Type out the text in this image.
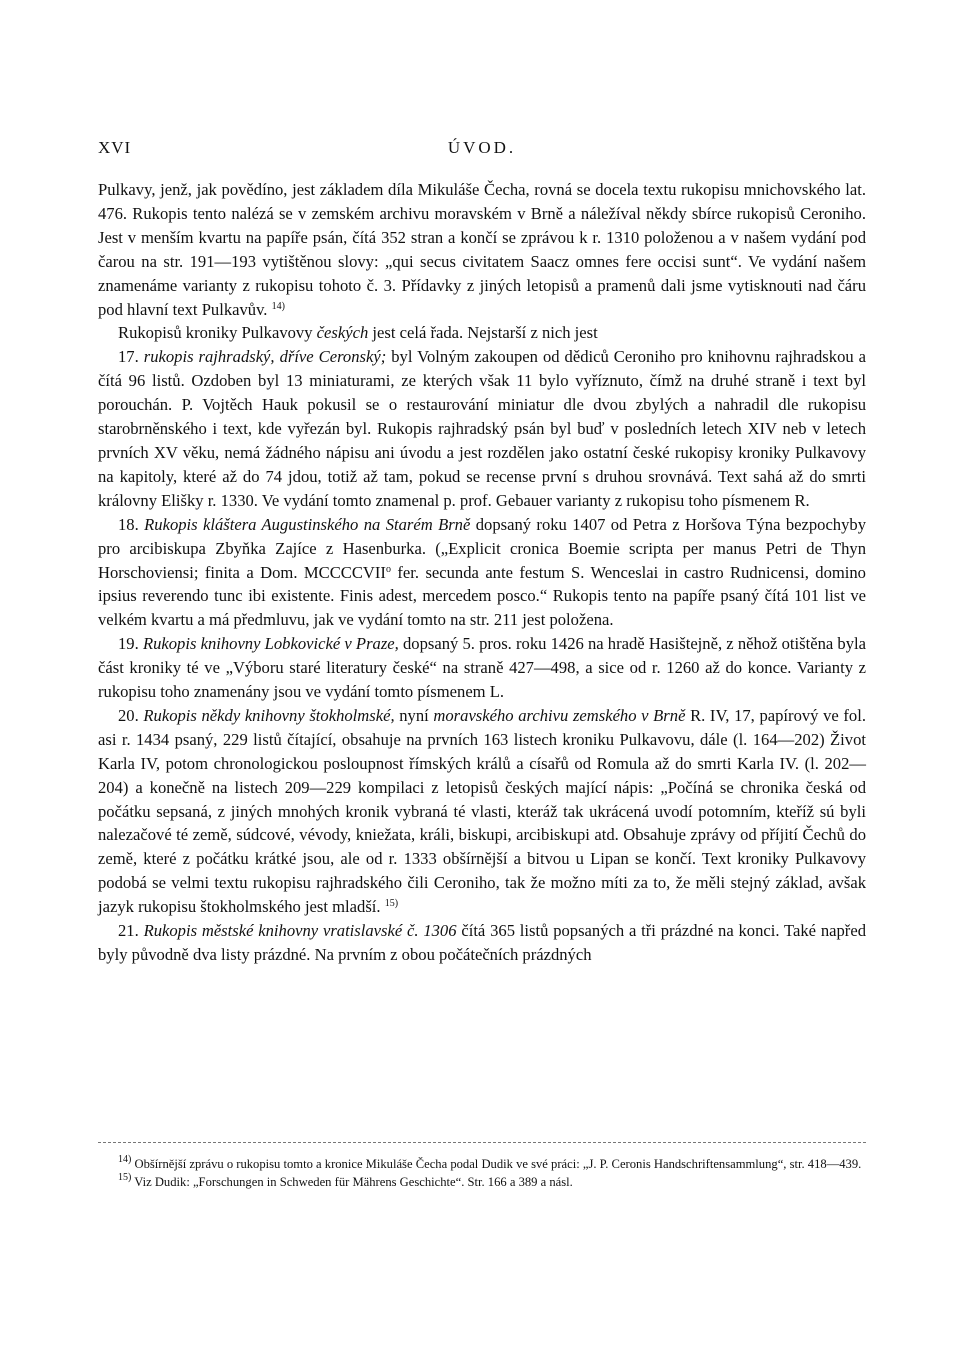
XVI	ÚVOD.

Pulkavy, jenž, jak povědíno, jest základem díla Mikuláše Čecha, rovná se docela textu rukopisu mnichovského lat. 476. Rukopis tento nalézá se v zemském archivu moravském v Brně a náležíval někdy sbírce rukopisů Ceroniho. Jest v menším kvartu na papíře psán, čítá 352 stran a končí se zprávou k r. 1310 položenou a v našem vydání pod čarou na str. 191—193 vytištěnou slovy: „qui secus civitatem Saacz omnes fere occisi sunt“. Ve vydání našem znamenáme varianty z rukopisu tohoto č. 3. Přídavky z jiných letopisů a pramenů dali jsme vytisknouti nad čáru pod hlavní text Pulkavův. $^{14)}$

Rukopisů kroniky Pulkavovy českých jest celá řada. Nejstarší z nich jest

17. rukopis rajhradský, dříve Ceronský; byl Volným zakoupen od dědiců Ceroniho pro knihovnu rajhradskou a čítá 96 listů. Ozdoben byl 13 miniaturami, ze kterých však 11 bylo vyříznuto, čímž na druhé straně i text byl porouchán. P. Vojtěch Hauk pokusil se o restaurování miniatur dle dvou zbylých a nahradil dle rukopisu starobrněnského i text, kde vyřezán byl. Rukopis rajhradský psán byl buď v posledních letech XIV neb v letech prvních XV věku, nemá žádného nápisu ani úvodu a jest rozdělen jako ostatní české rukopisy kroniky Pulkavovy na kapitoly, které až do 74 jdou, totiž až tam, pokud se recense první s druhou srovnává. Text sahá až do smrti královny Elišky r. 1330. Ve vydání tomto znamenal p. prof. Gebauer varianty z rukopisu toho písmenem R.

18. Rukopis kláštera Augustinského na Starém Brně dopsaný roku 1407 od Petra z Horšova Týna bezpochyby pro arcibiskupa Zbyňka Zajíce z Hasenburka. („Explicit cronica Boemie scripta per manus Petri de Thyn Horschoviensi; finita a Dom. MCCCCVII$^o$ fer. secunda ante festum S. Wenceslai in castro Rudnicensi, domino ipsius reverendo tunc ibi existente. Finis adest, mercedem posco.“ Rukopis tento na papíře psaný čítá 101 list ve velkém kvartu a má předmluvu, jak ve vydání tomto na str. 211 jest položena.

19. Rukopis knihovny Lobkovické v Praze, dopsaný 5. pros. roku 1426 na hradě Hasištejně, z něhož otištěna byla část kroniky té ve „Výboru staré literatury české“ na straně 427—498, a sice od r. 1260 až do konce. Varianty z rukopisu toho znamenány jsou ve vydání tomto písmenem L.

20. Rukopis někdy knihovny štokholmské, nyní moravského archivu zemského v Brně R. IV, 17, papírový ve fol. asi r. 1434 psaný, 229 listů čítající, obsahuje na prvních 163 listech kroniku Pulkavovu, dále (l. 164—202) Život Karla IV, potom chronologickou posloupnost římských králů a císařů od Romula až do smrti Karla IV. (l. 202—204) a konečně na listech 209—229 kompilaci z letopisů českých mající nápis: „Počíná se chronika česká od počátku sepsaná, z jiných mnohých kronik vybraná té vlasti, kteráž tak ukrácená uvodí potomním, kteříž sú byli nalezačové té země, súdcové, vévody, kniežata, králi, biskupi, arcibiskupi atd. Obsahuje zprávy od příjití Čechů do země, které z počátku krátké jsou, ale od r. 1333 obšírnější a bitvou u Lipan se končí. Text kroniky Pulkavovy podobá se velmi textu rukopisu rajhradského čili Ceroniho, tak že možno míti za to, že měli stejný základ, avšak jazyk rukopisu štokholmského jest mladší. $^{15)}$

21. Rukopis městské knihovny vratislavské č. 1306 čítá 365 listů popsaných a tři prázdné na konci. Také napřed byly původně dva listy prázdné. Na prvním z obou počátečních prázdných

$^{14)}$ Obšírnější zprávu o rukopisu tomto a kronice Mikuláše Čecha podal Dudik ve své práci: „J. P. Ceronis Handschriftensammlung“, str. 418—439.

$^{15)}$ Viz Dudik: „Forschungen in Schweden für Mährens Geschichte“. Str. 166 a 389 a násl.
